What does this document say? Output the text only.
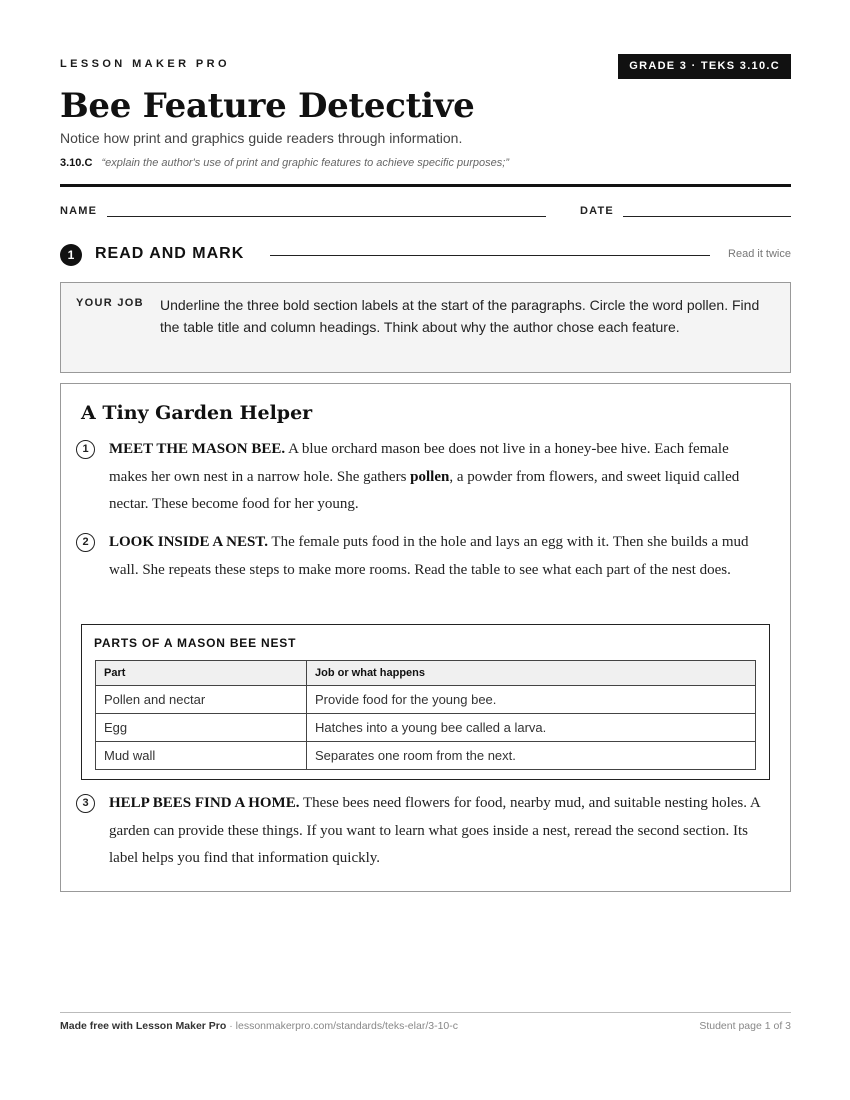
LESSON MAKER PRO	GRADE 3 · TEKS 3.10.C
Bee Feature Detective
Notice how print and graphics guide readers through information.
3.10.C “explain the author's use of print and graphic features to achieve specific purposes;”
NAME	DATE
1	READ AND MARK	Read it twice
YOUR JOB Underline the three bold section labels at the start of the paragraphs. Circle the word pollen. Find the table title and column headings. Think about why the author chose each feature.
A Tiny Garden Helper
1	MEET THE MASON BEE. A blue orchard mason bee does not live in a honey-bee hive. Each female makes her own nest in a narrow hole. She gathers pollen, a powder from flowers, and sweet liquid called nectar. These become food for her young.

2	LOOK INSIDE A NEST. The female puts food in the hole and lays an egg with it. Then she builds a mud wall. She repeats these steps to make more rooms. Read the table to see what each part of the nest does.

PARTS OF A MASON BEE NEST
Part	Job or what happens
Pollen and nectar	Provide food for the young bee.
Egg	Hatches into a young bee called a larva.
Mud wall	Separates one room from the next.
3	HELP BEES FIND A HOME. These bees need flowers for food, nearby mud, and suitable nesting holes. A garden can provide these things. If you want to learn what goes inside a nest, reread the second section. Its label helps you find that information quickly.

Made free with Lesson Maker Pro · lessonmakerpro.com/standards/teks-elar/3-10-c	Student page 1 of 3
